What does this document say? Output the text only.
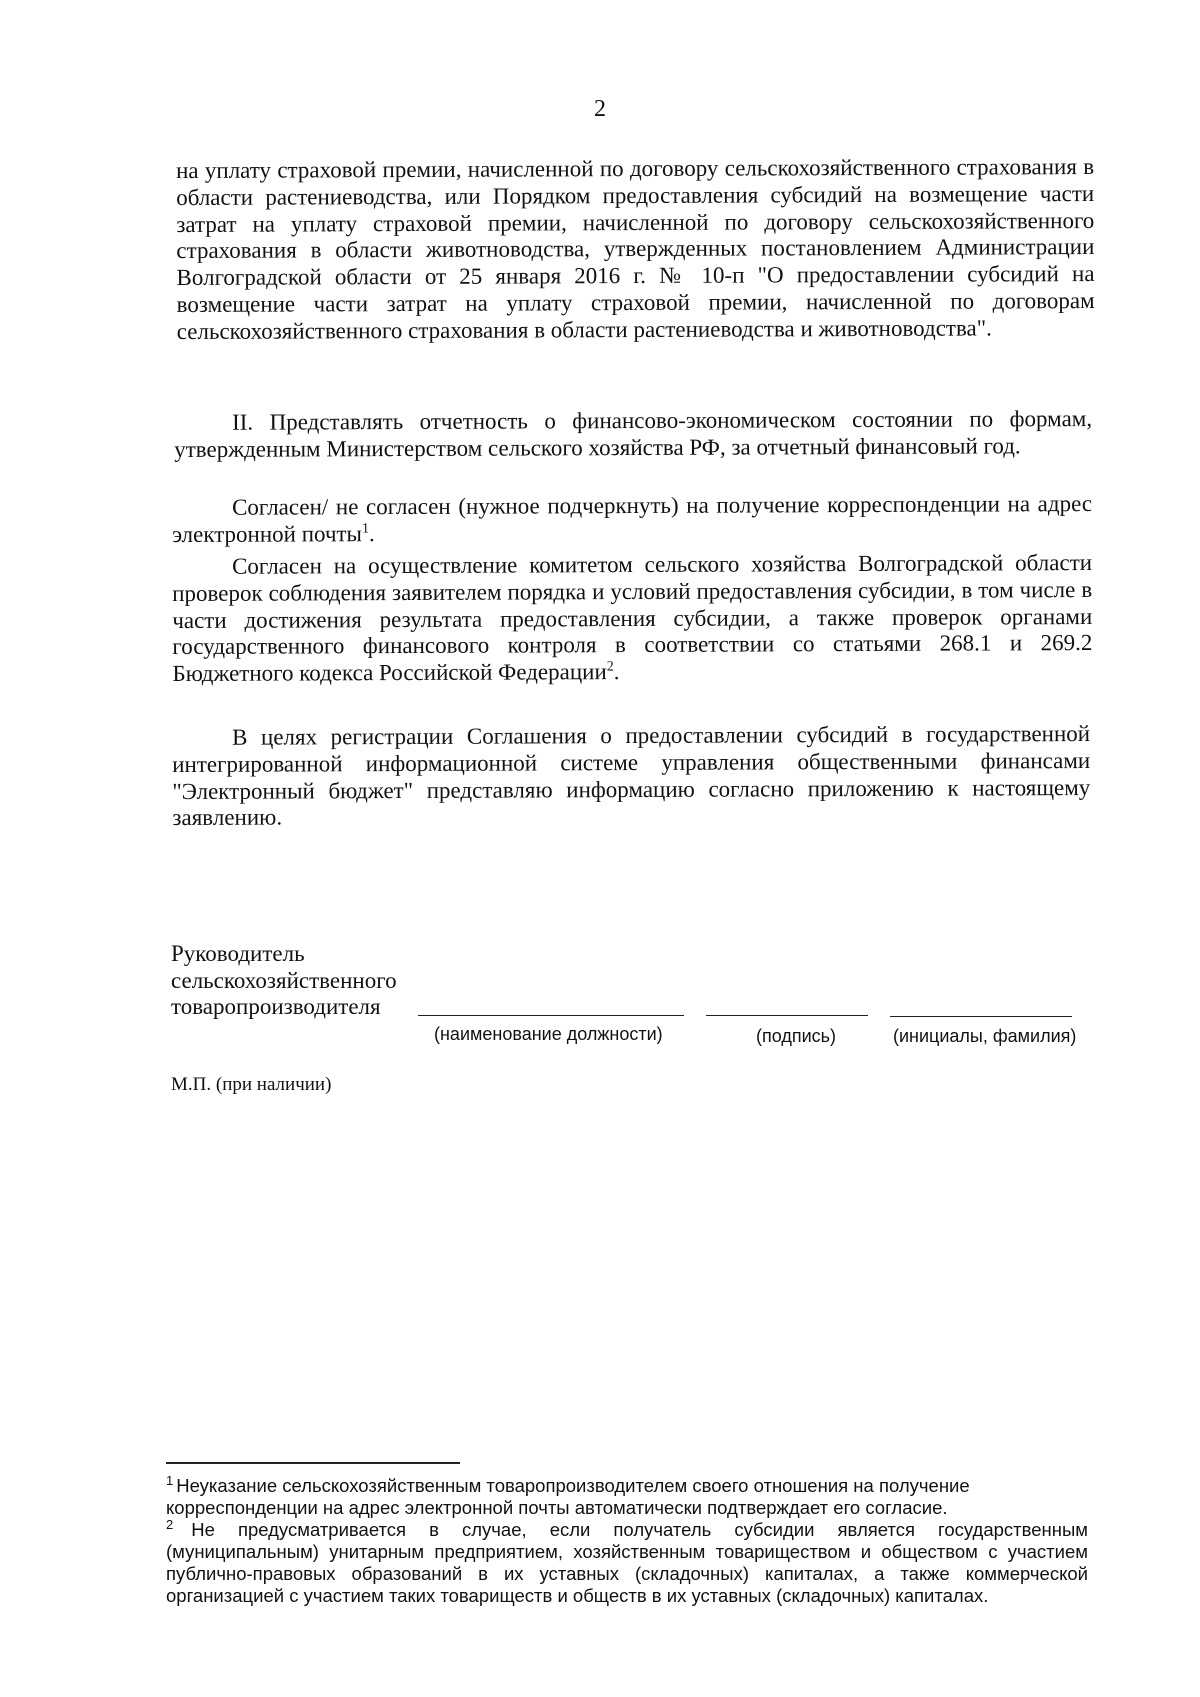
2

на уплату страховой премии, начисленной по договору сельскохозяйственного страхования в области растениеводства, или Порядком предоставления субсидий на возмещение части затрат на уплату страховой премии, начисленной по договору сельскохозяйственного страхования в области животноводства, утвержденных постановлением Администрации Волгоградской области от 25 января 2016 г. № 10-п "О предоставлении субсидий на возмещение части затрат на уплату страховой премии, начисленной по договорам сельскохозяйственного страхования в области растениеводства и животноводства".

II. Представлять отчетность о финансово-экономическом состоянии по формам, утвержденным Министерством сельского хозяйства РФ, за отчетный финансовый год.

Согласен/ не согласен (нужное подчеркнуть) на получение корреспонденции на адрес электронной почты$^1$.

Согласен на осуществление комитетом сельского хозяйства Волгоградской области проверок соблюдения заявителем порядка и условий предоставления субсидии, в том числе в части достижения результата предоставления субсидии, а также проверок органами государственного финансового контроля в соответствии со статьями 268.1 и 269.2 Бюджетного кодекса Российской Федерации$^2$.

В целях регистрации Соглашения о предоставлении субсидий в государственной интегрированной информационной системе управления общественными финансами "Электронный бюджет" представляю информацию согласно приложению к настоящему заявлению.

Руководитель
сельскохозяйственного
товаропроизводителя
(наименование должности)	(подпись)	(инициалы, фамилия)
М.П. (при наличии)
$^1$ Неуказание сельскохозяйственным товаропроизводителем своего отношения на получение корреспонденции на адрес электронной почты автоматически подтверждает его согласие.
$^2$ Не предусматривается в случае, если получатель субсидии является государственным (муниципальным) унитарным предприятием, хозяйственным товариществом и обществом с участием публично-правовых образований в их уставных (складочных) капиталах, а также коммерческой организацией с участием таких товариществ и обществ в их уставных (складочных) капиталах.
